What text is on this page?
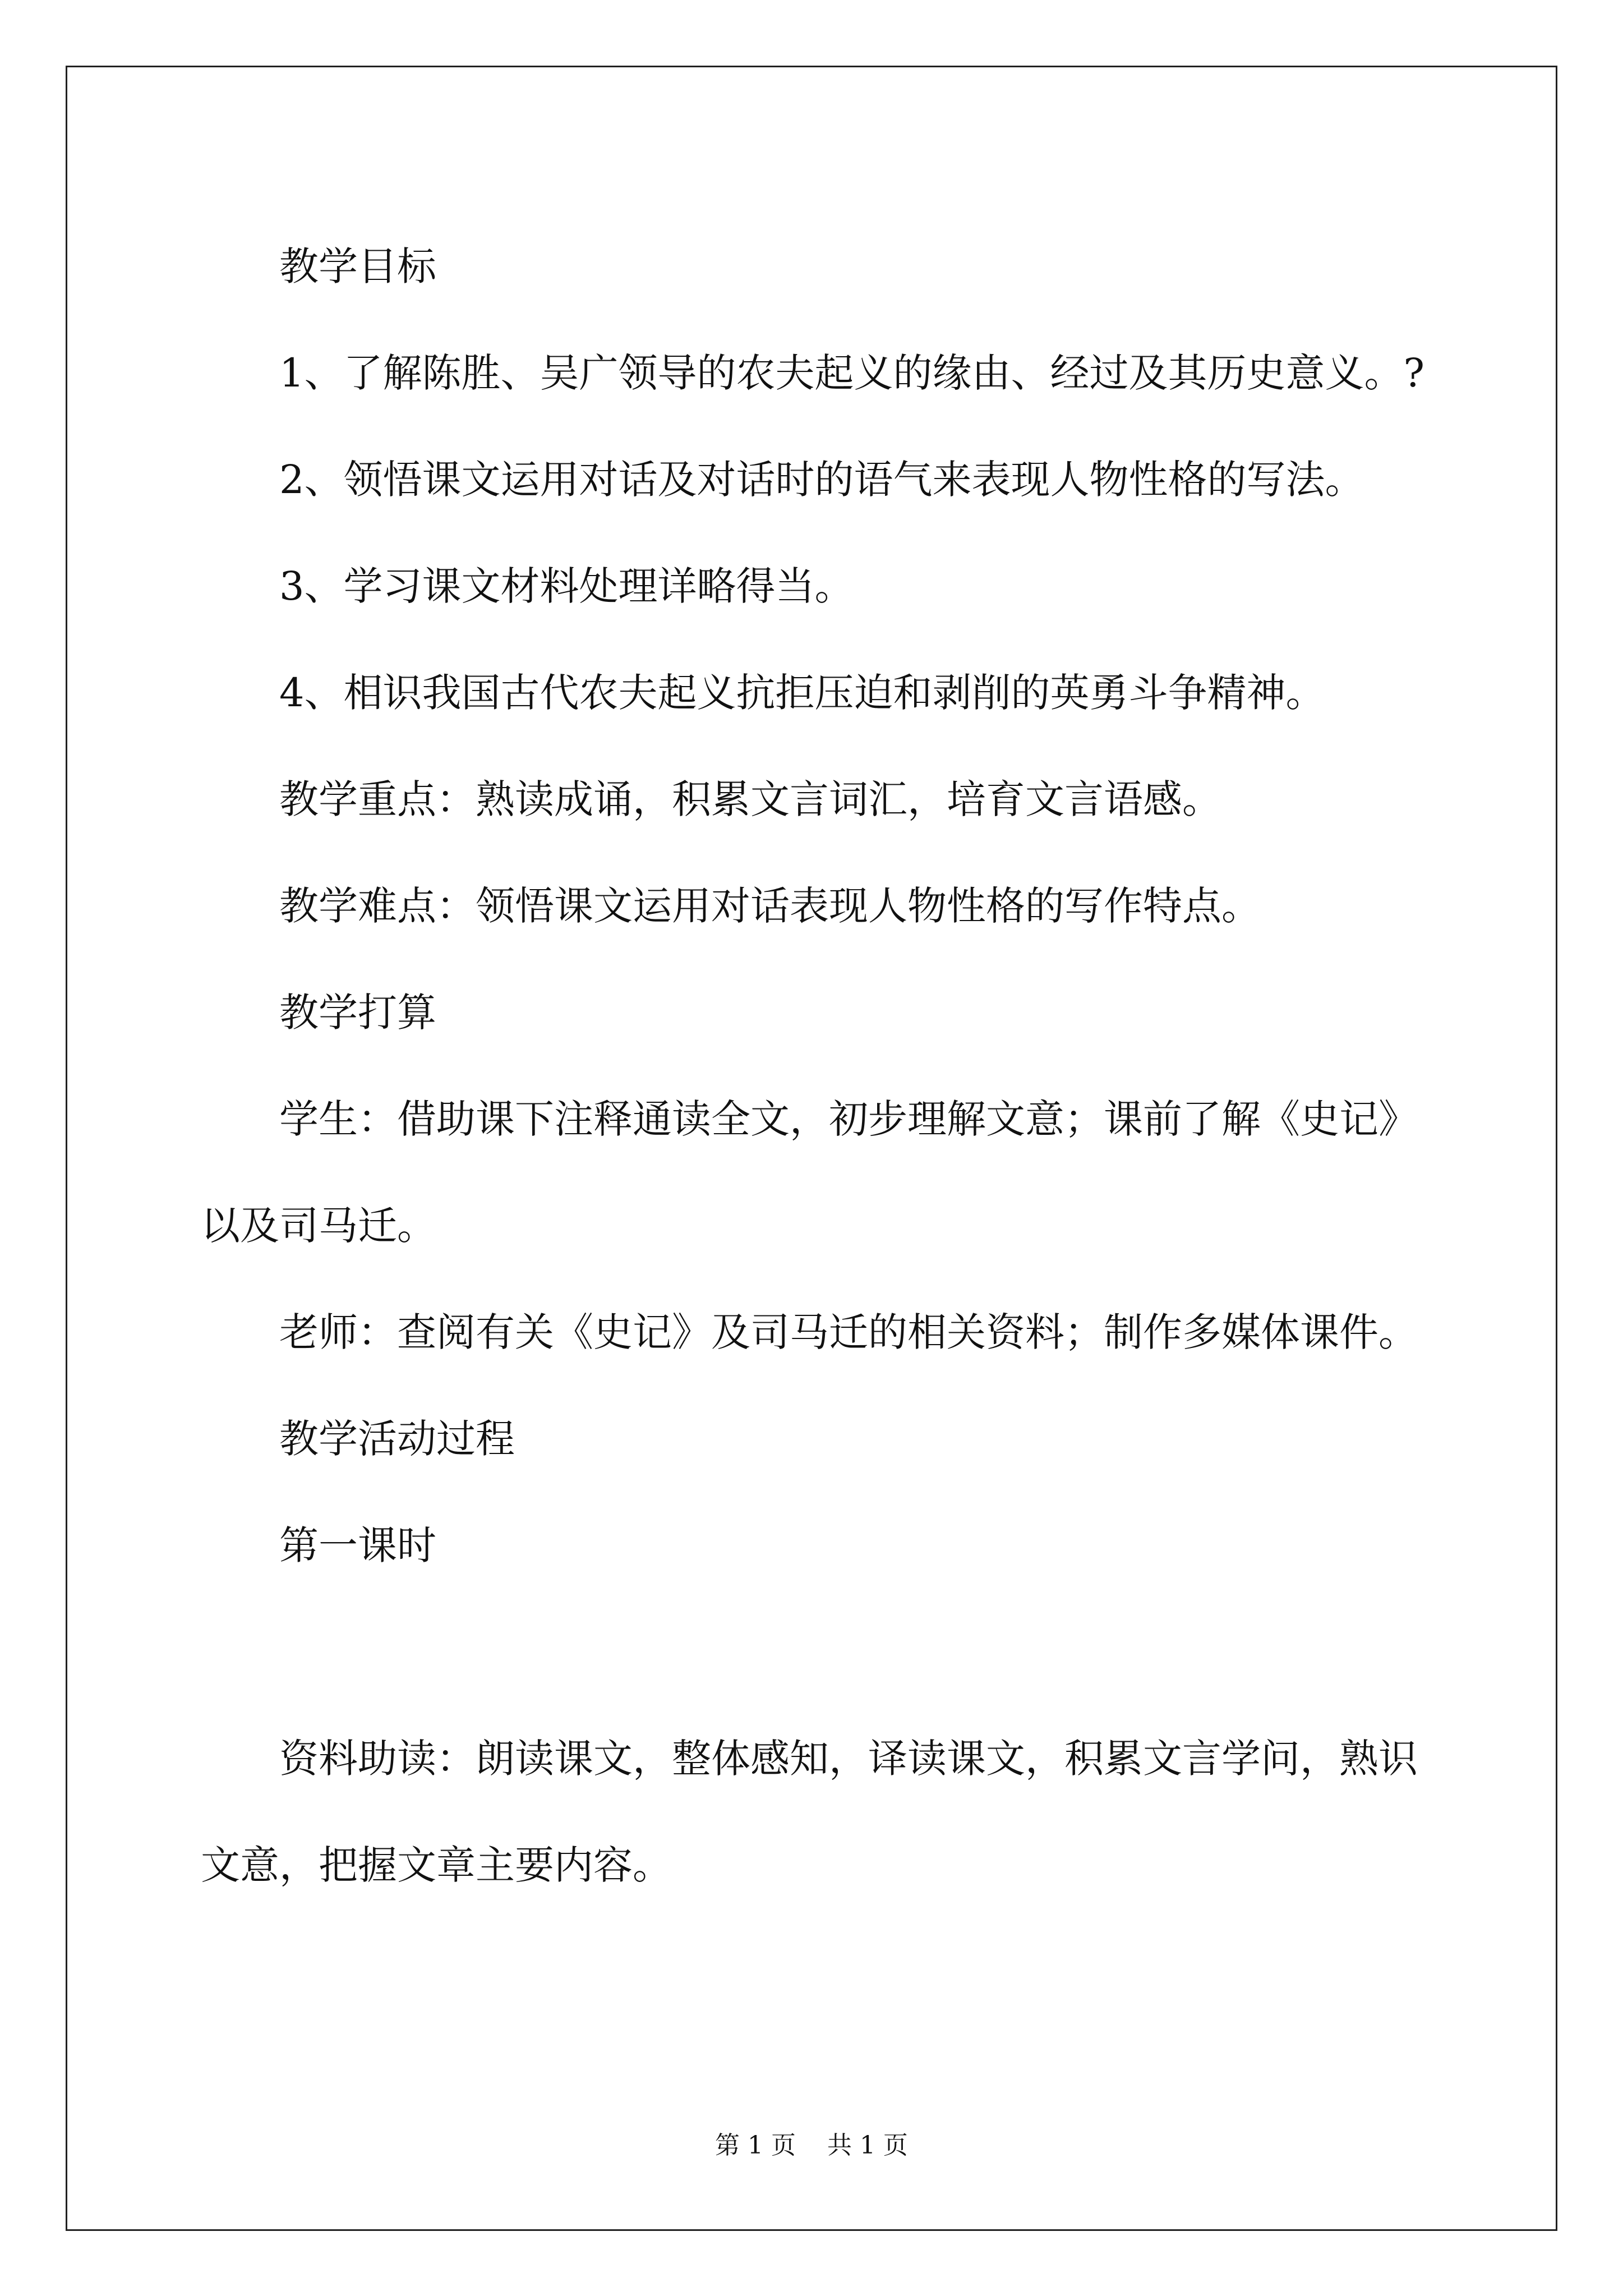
教学目标

1、了解陈胜、吴广领导的农夫起义的缘由、经过及其历史意义。?

2、领悟课文运用对话及对话时的语气来表现人物性格的写法。

3、学习课文材料处理详略得当。

4、相识我国古代农夫起义抗拒压迫和剥削的英勇斗争精神。

教学重点：熟读成诵，积累文言词汇，培育文言语感。

教学难点：领悟课文运用对话表现人物性格的写作特点。

教学打算

学生：借助课下注释通读全文，初步理解文意；课前了解《史记》以及司马迁。

老师：查阅有关《史记》及司马迁的相关资料；制作多媒体课件。

教学活动过程

第一课时

资料助读：朗读课文，整体感知，译读课文，积累文言学问，熟识文意，把握文章主要内容。

第 1 页    共 1 页
